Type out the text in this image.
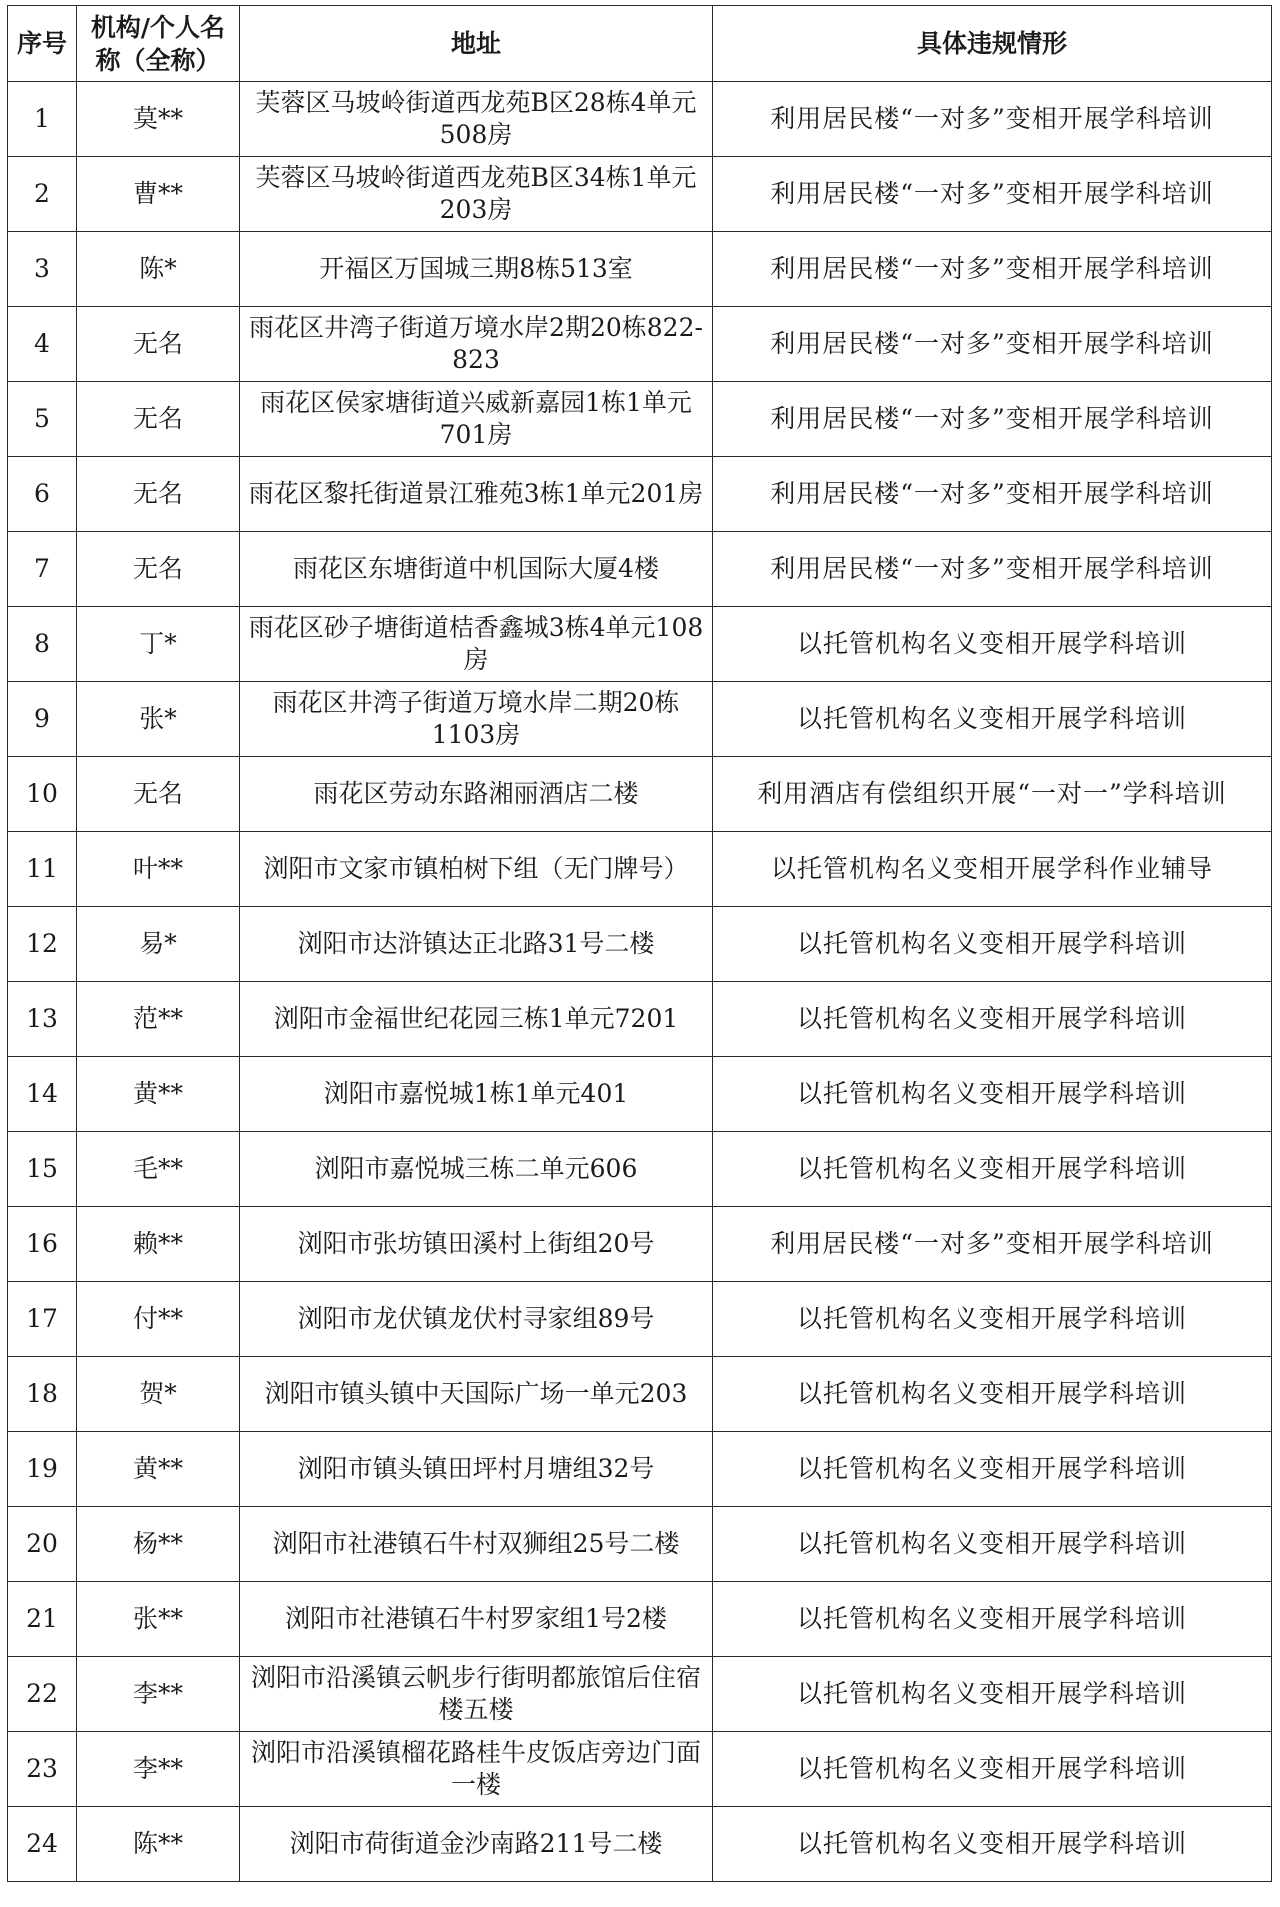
序号	机构/个人名称（全称）	地址	具体违规情形
1	莫**	芙蓉区马坡岭街道西龙苑B区28栋4单元508房	利用居民楼“一对多”变相开展学科培训
2	曹**	芙蓉区马坡岭街道西龙苑B区34栋1单元203房	利用居民楼“一对多”变相开展学科培训
3	陈*	开福区万国城三期8栋513室	利用居民楼“一对多”变相开展学科培训
4	无名	雨花区井湾子街道万境水岸2期20栋822-823	利用居民楼“一对多”变相开展学科培训
5	无名	雨花区侯家塘街道兴威新嘉园1栋1单元701房	利用居民楼“一对多”变相开展学科培训
6	无名	雨花区黎托街道景江雅苑3栋1单元201房	利用居民楼“一对多”变相开展学科培训
7	无名	雨花区东塘街道中机国际大厦4楼	利用居民楼“一对多”变相开展学科培训
8	丁*	雨花区砂子塘街道桔香鑫城3栋4单元108房	以托管机构名义变相开展学科培训
9	张*	雨花区井湾子街道万境水岸二期20栋1103房	以托管机构名义变相开展学科培训
10	无名	雨花区劳动东路湘丽酒店二楼	利用酒店有偿组织开展“一对一”学科培训
11	叶**	浏阳市文家市镇柏树下组（无门牌号）	以托管机构名义变相开展学科作业辅导
12	易*	浏阳市达浒镇达正北路31号二楼	以托管机构名义变相开展学科培训
13	范**	浏阳市金福世纪花园三栋1单元7201	以托管机构名义变相开展学科培训
14	黄**	浏阳市嘉悦城1栋1单元401	以托管机构名义变相开展学科培训
15	毛**	浏阳市嘉悦城三栋二单元606	以托管机构名义变相开展学科培训
16	赖**	浏阳市张坊镇田溪村上街组20号	利用居民楼“一对多”变相开展学科培训
17	付**	浏阳市龙伏镇龙伏村寻家组89号	以托管机构名义变相开展学科培训
18	贺*	浏阳市镇头镇中天国际广场一单元203	以托管机构名义变相开展学科培训
19	黄**	浏阳市镇头镇田坪村月塘组32号	以托管机构名义变相开展学科培训
20	杨**	浏阳市社港镇石牛村双狮组25号二楼	以托管机构名义变相开展学科培训
21	张**	浏阳市社港镇石牛村罗家组1号2楼	以托管机构名义变相开展学科培训
22	李**	浏阳市沿溪镇云帆步行街明都旅馆后住宿楼五楼	以托管机构名义变相开展学科培训
23	李**	浏阳市沿溪镇榴花路桂牛皮饭店旁边门面一楼	以托管机构名义变相开展学科培训
24	陈**	浏阳市荷街道金沙南路211号二楼	以托管机构名义变相开展学科培训
